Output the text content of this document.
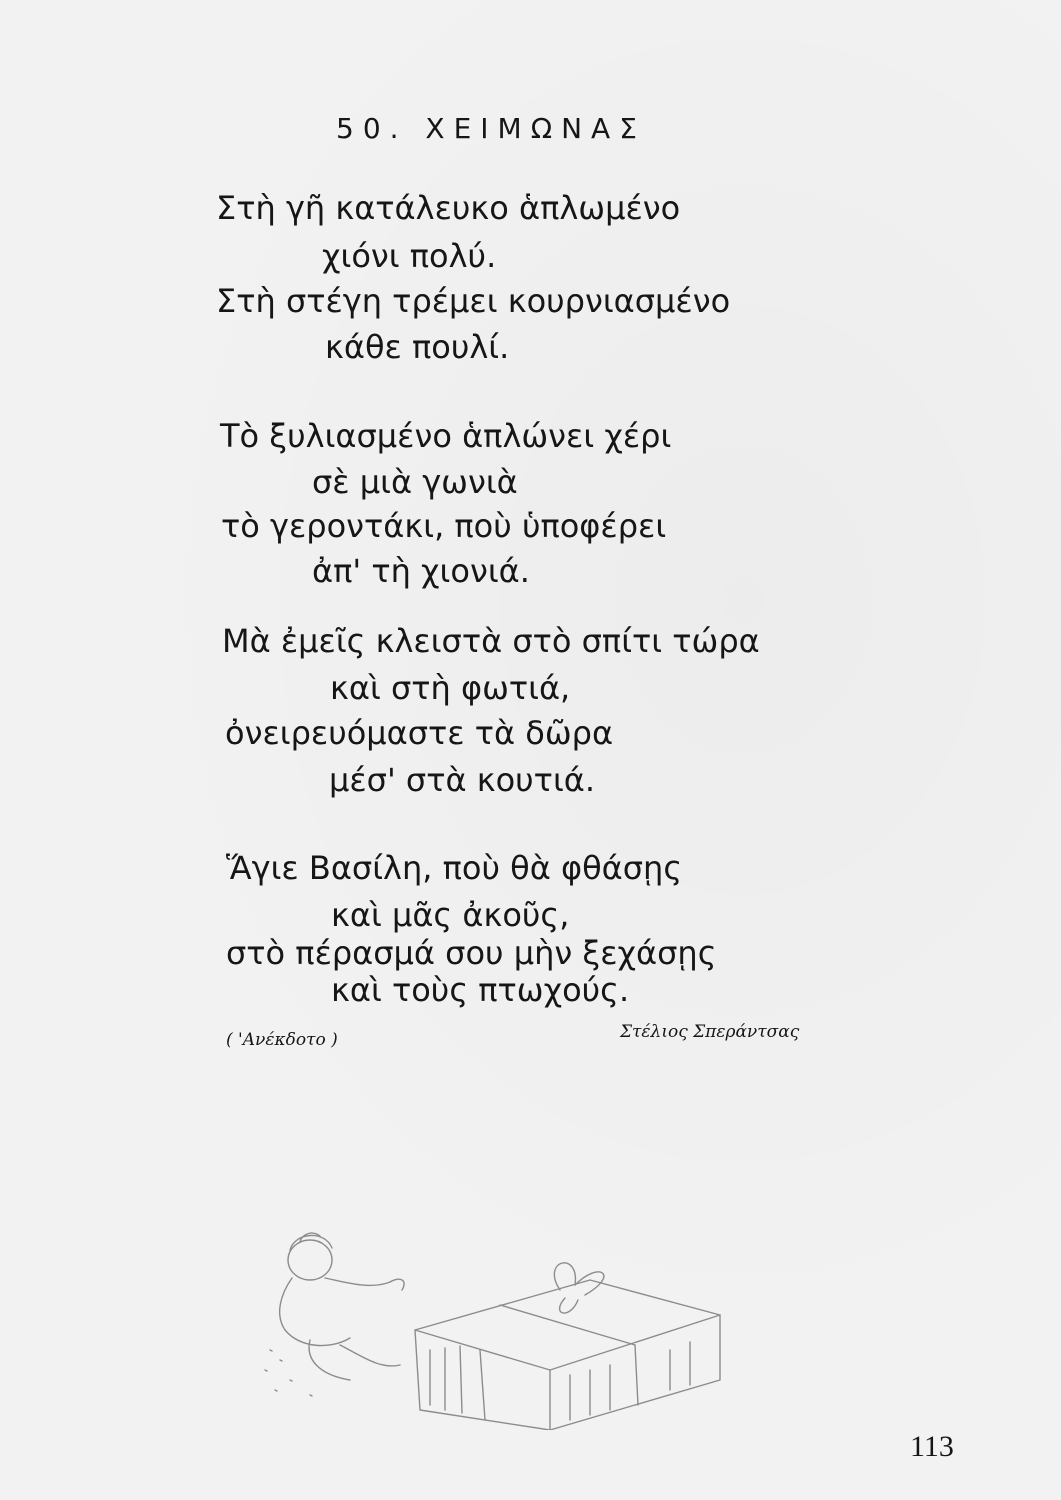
50. ΧΕΙΜΩΝΑΣ
Στὴ γῆ κατάλευκο ἁπλωμένο
χιόνι πολύ.
Στὴ στέγη τρέμει κουρνιασμένο
κάθε πουλί.
Τὸ ξυλιασμένο ἁπλώνει χέρι
σὲ μιὰ γωνιὰ
τὸ γεροντάκι, ποὺ ὑποφέρει
ἀπ' τὴ χιονιά.
Μὰ ἐμεῖς κλειστὰ στὸ σπίτι τώρα
καὶ στὴ φωτιά,
ὀνειρευόμαστε τὰ δῶρα
μέσ' στὰ κουτιά.
Ἅγιε Βασίλη, ποὺ θὰ φθάσῃς
καὶ μᾶς ἀκοῦς,
στὸ πέρασμά σου μὴν ξεχάσῃς
καὶ τοὺς πτωχούς.
( 'Ανέκδοτο )	Στέλιος Σπεράντσας
113
